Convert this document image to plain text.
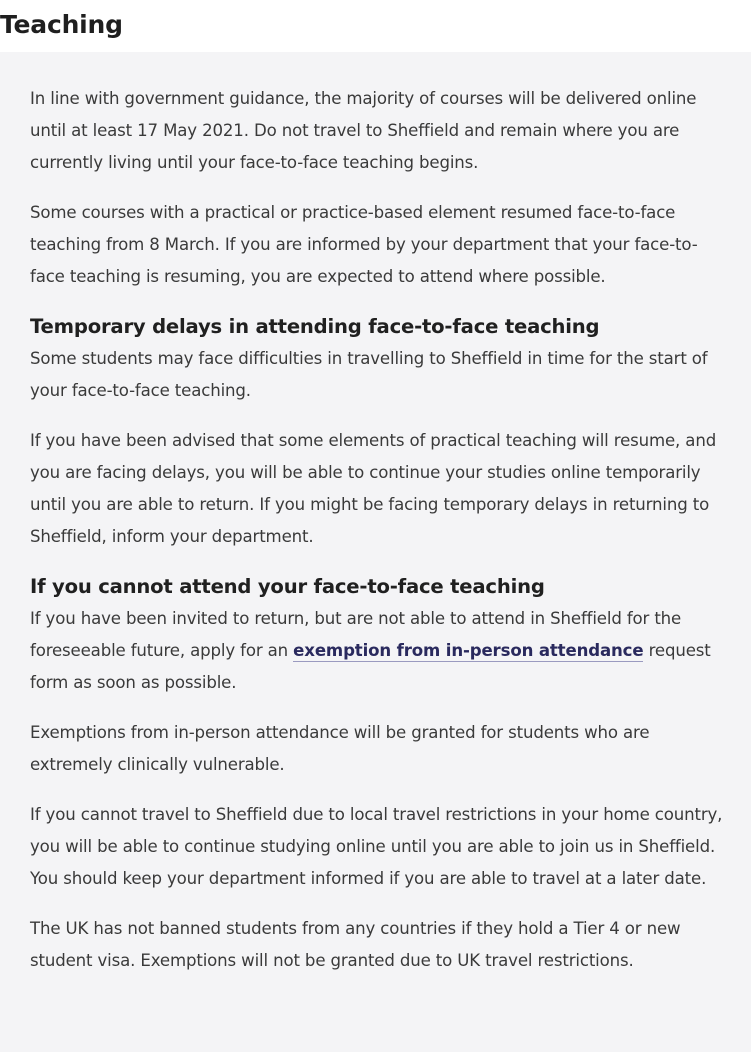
Teaching

In line with government guidance, the majority of courses will be delivered online until at least 17 May 2021. Do not travel to Sheffield and remain where you are currently living until your face-to-face teaching begins.

Some courses with a practical or practice-based element resumed face-to-face teaching from 8 March. If you are informed by your department that your face-to-face teaching is resuming, you are expected to attend where possible.

Temporary delays in attending face-to-face teaching

Some students may face difficulties in travelling to Sheffield in time for the start of your face-to-face teaching.

If you have been advised that some elements of practical teaching will resume, and you are facing delays, you will be able to continue your studies online temporarily until you are able to return. If you might be facing temporary delays in returning to Sheffield, inform your department.

If you cannot attend your face-to-face teaching

If you have been invited to return, but are not able to attend in Sheffield for the foreseeable future, apply for an exemption from in-person attendance request form as soon as possible.

Exemptions from in-person attendance will be granted for students who are extremely clinically vulnerable.

If you cannot travel to Sheffield due to local travel restrictions in your home country, you will be able to continue studying online until you are able to join us in Sheffield. You should keep your department informed if you are able to travel at a later date.

The UK has not banned students from any countries if they hold a Tier 4 or new student visa. Exemptions will not be granted due to UK travel restrictions.
